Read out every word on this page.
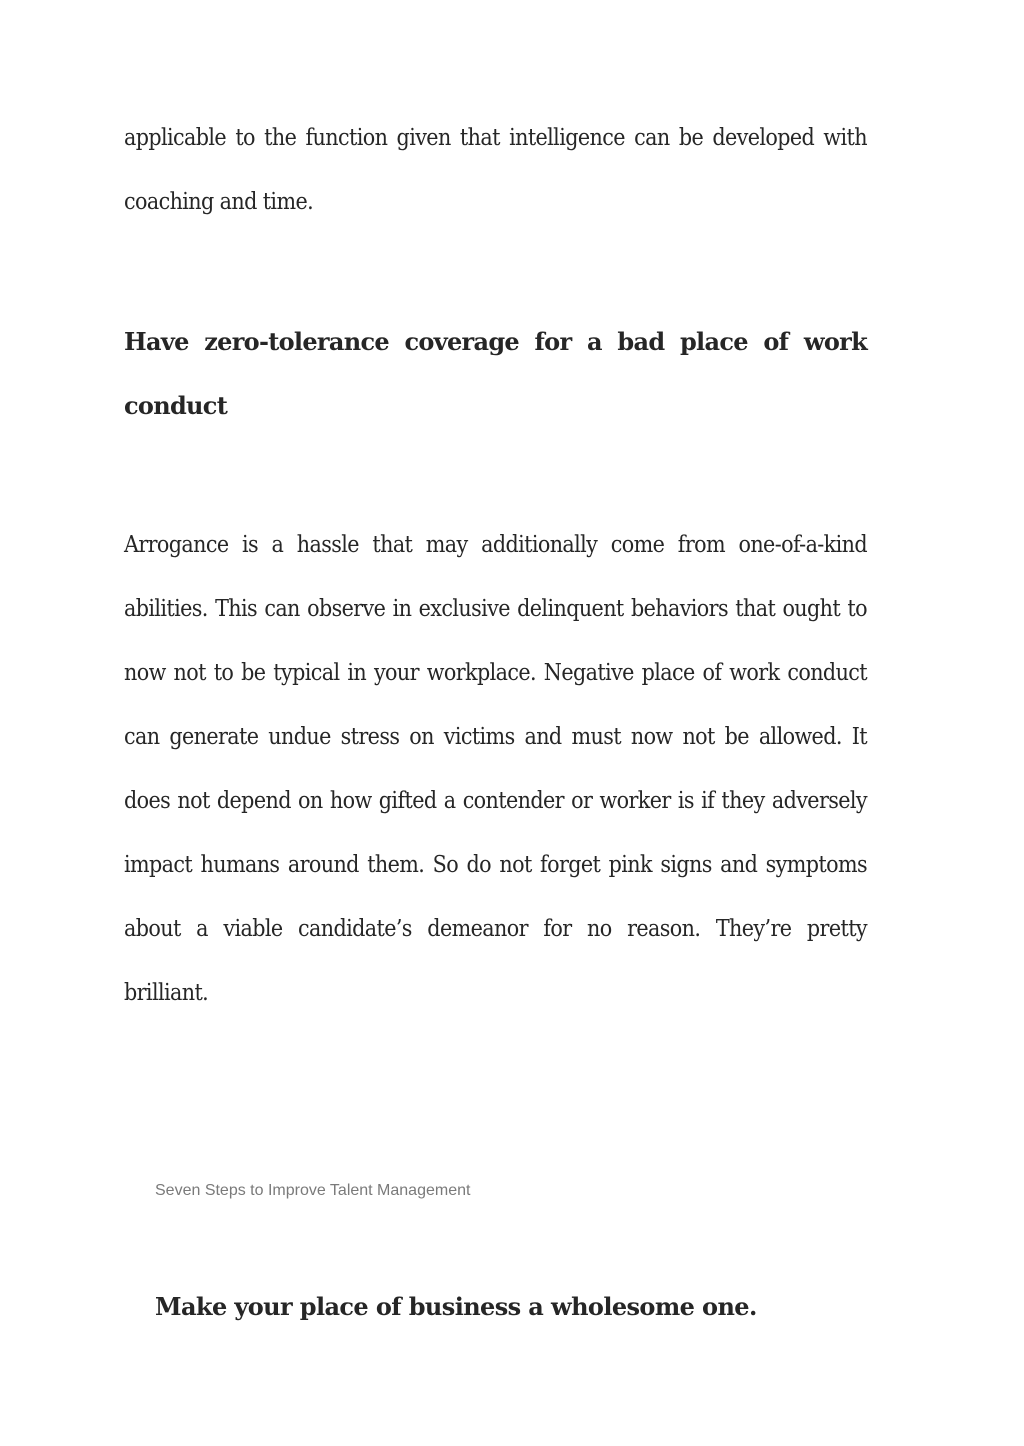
applicable to the function given that intelligence can be developed with coaching and time.

Have zero-tolerance coverage for a bad place of work conduct

Arrogance is a hassle that may additionally come from one-of-a-kind abilities. This can observe in exclusive delinquent behaviors that ought to now not to be typical in your workplace. Negative place of work conduct can generate undue stress on victims and must now not be allowed. It does not depend on how gifted a contender or worker is if they adversely impact humans around them. So do not forget pink signs and symptoms about a viable candidate’s demeanor for no reason. They’re pretty brilliant.

Seven Steps to Improve Talent Management

Make your place of business a wholesome one.
